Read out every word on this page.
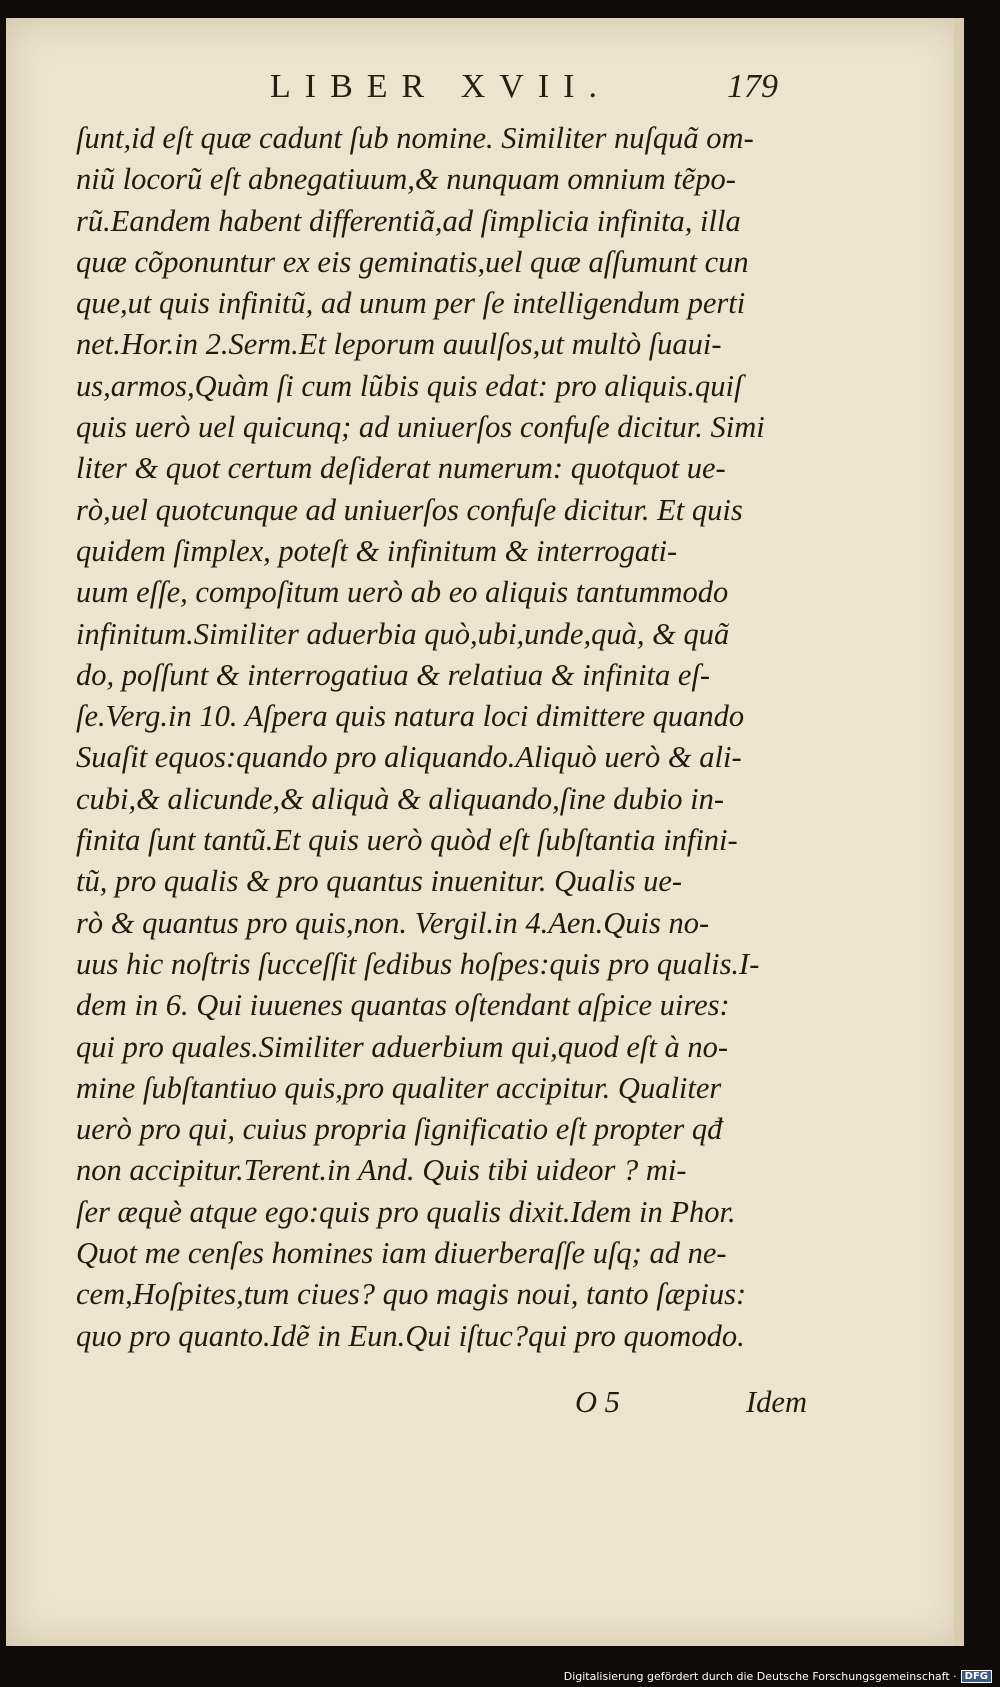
LIBER XVII.	179
ſunt,id eſt quæ cadunt ſub nomine. Similiter nuſquã om-
niũ locorũ eſt abnegatiuum,& nunquam omnium tẽpo-
rũ.Eandem habent differentiã,ad ſimplicia infinita, illa
quæ cõponuntur ex eis geminatis,uel quæ aſſumunt cun
que,ut quis infinitũ, ad unum per ſe intelligendum perti
net.Hor.in 2.Serm.Et leporum auulſos,ut multò ſuaui-
us,armos,Quàm ſi cum lũbis quis edat: pro aliquis.quiſ
quis uerò uel quicunq; ad uniuerſos confuſe dicitur. Simi
liter & quot certum deſiderat numerum: quotquot ue-
rò,uel quotcunque ad uniuerſos confuſe dicitur. Et quis
quidem ſimplex, poteſt & infinitum & interrogati-
uum eſſe, compoſitum uerò ab eo aliquis tantummodo
infinitum.Similiter aduerbia quò,ubi,unde,quà, & quã
do, poſſunt & interrogatiua & relatiua & infinita eſ-
ſe.Verg.in 10. Aſpera quis natura loci dimittere quando
Suaſit equos:quando pro aliquando.Aliquò uerò & ali-
cubi,& alicunde,& aliquà & aliquando,ſine dubio in-
finita ſunt tantũ.Et quis uerò quòd eſt ſubſtantia infini-
tũ, pro qualis & pro quantus inuenitur. Qualis ue-
rò & quantus pro quis,non. Vergil.in 4.Aen.Quis no-
uus hic noſtris ſucceſſit ſedibus hoſpes:quis pro qualis.I-
dem in 6. Qui iuuenes quantas oſtendant aſpice uires:
qui pro quales.Similiter aduerbium qui,quod eſt à no-
mine ſubſtantiuo quis,pro qualiter accipitur. Qualiter
uerò pro qui, cuius propria ſignificatio eſt propter qđ
non accipitur.Terent.in And. Quis tibi uideor ? mi-
ſer æquè atque ego:quis pro qualis dixit.Idem in Phor.
Quot me cenſes homines iam diuerberaſſe uſq; ad ne-
cem,Hoſpites,tum ciues? quo magis noui, tanto ſæpius:
quo pro quanto.Idẽ in Eun.Qui iſtuc?qui pro quomodo.
O 5	Idem
Digitalisierung gefördert durch die Deutsche Forschungsgemeinschaft · DFG
